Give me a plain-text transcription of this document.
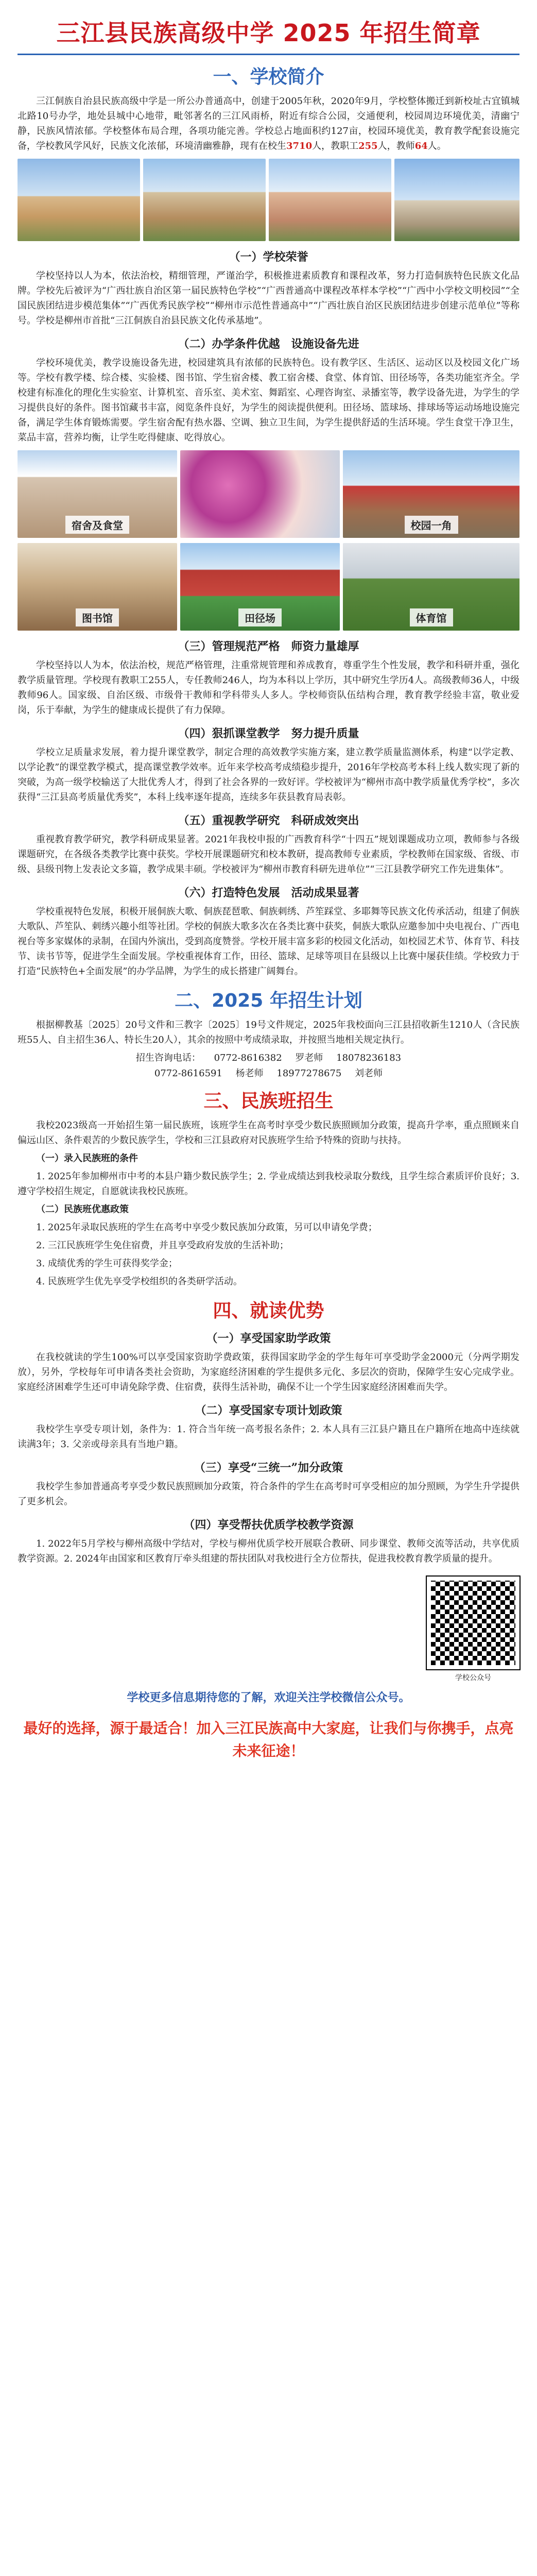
三江县民族高级中学 2025 年招生简章
一、学校简介

三江侗族自治县民族高级中学是一所公办普通高中，创建于2005年秋，2020年9月，学校整体搬迁到新校址古宜镇城北路10号办学，地处县城中心地带，毗邻著名的三江风雨桥，附近有综合公园，交通便利，校园周边环境优美，清幽宁静，民族风情浓郁。学校整体布局合理，各项功能完善。学校总占地面积约127亩，校园环境优美，教育教学配套设施完备，学校教风学风好，民族文化浓郁，环境清幽雅静，现有在校生3710人，教职工255人，教师64人。

（一）学校荣誉

学校坚持以人为本，依法治校，精细管理，严谨治学，积极推进素质教育和课程改革，努力打造侗族特色民族文化品牌。学校先后被评为“广西壮族自治区第一届民族特色学校”“广西普通高中课程改革样本学校”“广西中小学校文明校园”“全国民族团结进步模范集体”“广西优秀民族学校”“柳州市示范性普通高中”“广西壮族自治区民族团结进步创建示范单位”等称号。学校是柳州市首批“三江侗族自治县民族文化传承基地”。

（二）办学条件优越　设施设备先进

学校环境优美，教学设施设备先进，校园建筑具有浓郁的民族特色。设有教学区、生活区、运动区以及校园文化广场等。学校有教学楼、综合楼、实验楼、图书馆、学生宿舍楼、教工宿舍楼、食堂、体育馆、田径场等，各类功能室齐全。学校建有标准化的理化生实验室、计算机室、音乐室、美术室、舞蹈室、心理咨询室、录播室等，教学设备先进，为学生的学习提供良好的条件。图书馆藏书丰富，阅览条件良好，为学生的阅读提供便利。田径场、篮球场、排球场等运动场地设施完备，满足学生体育锻炼需要。学生宿舍配有热水器、空调、独立卫生间，为学生提供舒适的生活环境。学生食堂干净卫生，菜品丰富，营养均衡，让学生吃得健康、吃得放心。

宿舍及食堂	校园一角
图书馆	田径场	体育馆
（三）管理规范严格　师资力量雄厚

学校坚持以人为本，依法治校，规范严格管理，注重常规管理和养成教育，尊重学生个性发展，教学和科研并重，强化教学质量管理。学校现有教职工255人，专任教师246人，均为本科以上学历，其中研究生学历4人。高级教师36人，中级教师96人。国家级、自治区级、市级骨干教师和学科带头人多人。学校师资队伍结构合理，教育教学经验丰富，敬业爱岗，乐于奉献，为学生的健康成长提供了有力保障。

（四）狠抓课堂教学　努力提升质量

学校立足质量求发展，着力提升课堂教学，制定合理的高效教学实施方案，建立教学质量监测体系，构建“以学定教、以学论教”的课堂教学模式，提高课堂教学效率。近年来学校高考成绩稳步提升，2016年学校高考本科上线人数实现了新的突破，为高一级学校输送了大批优秀人才，得到了社会各界的一致好评。学校被评为“柳州市高中教学质量优秀学校”，多次获得“三江县高考质量优秀奖”，本科上线率逐年提高，连续多年获县教育局表彰。

（五）重视教学研究　科研成效突出

重视教育教学研究，教学科研成果显著。2021年我校申报的广西教育科学“十四五”规划课题成功立项，教师参与各级课题研究，在各级各类教学比赛中获奖。学校开展课题研究和校本教研，提高教师专业素质，学校教师在国家级、省级、市级、县级刊物上发表论文多篇，教学成果丰硕。学校被评为“柳州市教育科研先进单位”“三江县教学研究工作先进集体”。

（六）打造特色发展　活动成果显著

学校重视特色发展，积极开展侗族大歌、侗族琵琶歌、侗族刺绣、芦笙踩堂、多耶舞等民族文化传承活动，组建了侗族大歌队、芦笙队、刺绣兴趣小组等社团。学校的侗族大歌多次在各类比赛中获奖，侗族大歌队应邀参加中央电视台、广西电视台等多家媒体的录制，在国内外演出，受到高度赞誉。学校开展丰富多彩的校园文化活动，如校园艺术节、体育节、科技节、读书节等，促进学生全面发展。学校重视体育工作，田径、篮球、足球等项目在县级以上比赛中屡获佳绩。学校致力于打造“民族特色+全面发展”的办学品牌，为学生的成长搭建广阔舞台。

二、2025 年招生计划

根据柳教基〔2025〕20号文件和三教字〔2025〕19号文件规定，2025年我校面向三江县招收新生1210人（含民族班55人、自主招生36人、特长生20人），其余的按照中考成绩录取，并按照当地相关规定执行。

招生咨询电话： 0772-8616382 罗老师 18078236183
0772-8616591 杨老师 18977278675 刘老师
三、民族班招生

我校2023级高一开始招生第一届民族班，该班学生在高考时享受少数民族照顾加分政策，提高升学率，重点照顾来自偏远山区、条件艰苦的少数民族学生，学校和三江县政府对民族班学生给予特殊的资助与扶持。

（一）录入民族班的条件

1. 2025年参加柳州市中考的本县户籍少数民族学生；2. 学业成绩达到我校录取分数线，且学生综合素质评价良好；3. 遵守学校招生规定，自愿就读我校民族班。

（二）民族班优惠政策

1. 2025年录取民族班的学生在高考中享受少数民族加分政策，另可以申请免学费；

2. 三江民族班学生免住宿费，并且享受政府发放的生活补助；

3. 成绩优秀的学生可获得奖学金；

4. 民族班学生优先享受学校组织的各类研学活动。

四、就读优势
（一）享受国家助学政策

在我校就读的学生100%可以享受国家资助学费政策，获得国家助学金的学生每年可享受助学金2000元（分两学期发放），另外，学校每年可申请各类社会资助，为家庭经济困难的学生提供多元化、多层次的资助，保障学生安心完成学业。家庭经济困难学生还可申请免除学费、住宿费，获得生活补助，确保不让一个学生因家庭经济困难而失学。

（二）享受国家专项计划政策

我校学生享受专项计划，条件为：1. 符合当年统一高考报名条件；2. 本人具有三江县户籍且在户籍所在地高中连续就读满3年；3. 父亲或母亲具有当地户籍。

（三）享受“三统一”加分政策

我校学生参加普通高考享受少数民族照顾加分政策，符合条件的学生在高考时可享受相应的加分照顾，为学生升学提供了更多机会。

（四）享受帮扶优质学校教学资源

1. 2022年5月学校与柳州高级中学结对，学校与柳州优质学校开展联合教研、同步课堂、教师交流等活动，共享优质教学资源。2. 2024年由国家和区教育厅牵头组建的帮扶团队对我校进行全方位帮扶，促进我校教育教学质量的提升。

学校公众号
学校更多信息期待您的了解，欢迎关注学校微信公众号。
最好的选择，源于最适合！加入三江民族高中大家庭，让我们与你携手，点亮未来征途！
